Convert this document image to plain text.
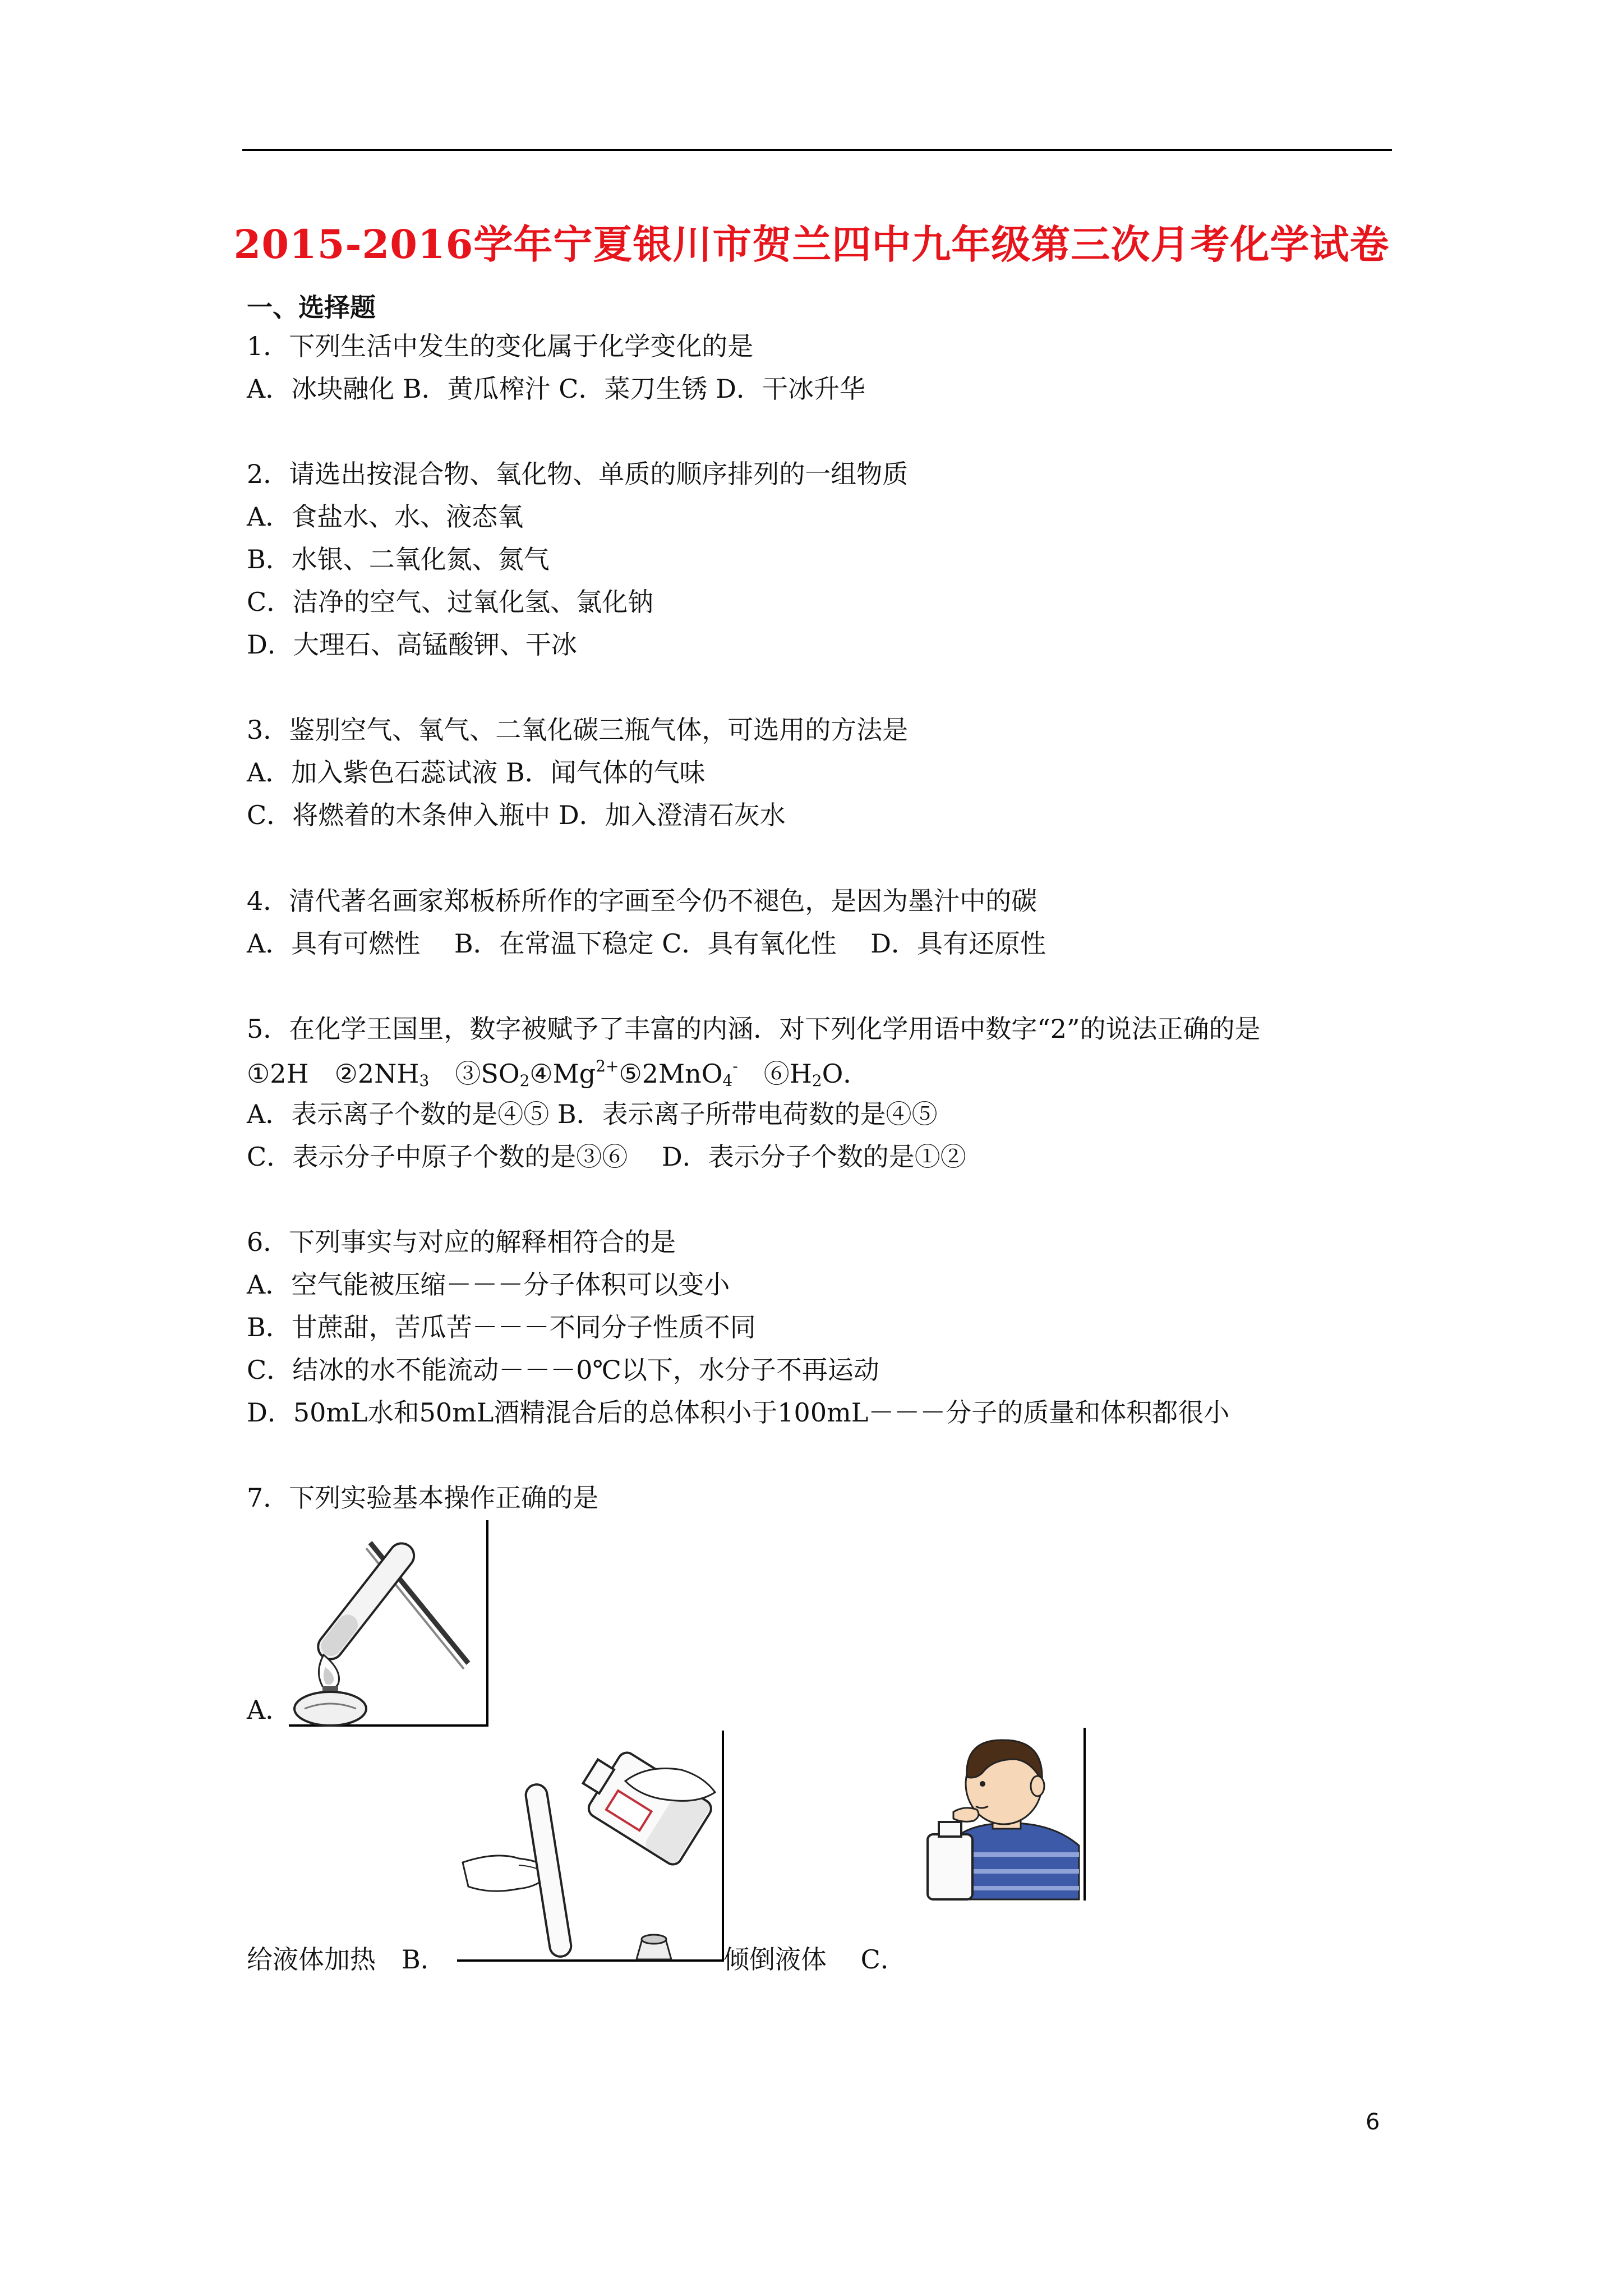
2015-2016学年宁夏银川市贺兰四中九年级第三次月考化学试卷
一、选择题
1．下列生活中发生的变化属于化学变化的是
A．冰块融化 B．黄瓜榨汁 C．菜刀生锈 D．干冰升华
2．请选出按混合物、氧化物、单质的顺序排列的一组物质
A．食盐水、水、液态氧
B．水银、二氧化氮、氮气
C．洁净的空气、过氧化氢、氯化钠
D．大理石、高锰酸钾、干冰
3．鉴别空气、氧气、二氧化碳三瓶气体，可选用的方法是
A．加入紫色石蕊试液 B．闻气体的气味
C．将燃着的木条伸入瓶中 D．加入澄清石灰水
4．清代著名画家郑板桥所作的字画至今仍不褪色，是因为墨汁中的碳
A．具有可燃性　 B．在常温下稳定 C．具有氧化性　 D．具有还原性
5．在化学王国里，数字被赋予了丰富的内涵．对下列化学用语中数字“2”的说法正确的是
①2H　$②2NH_3$　$③SO_2④Mg^{2+}⑤2MnO_4^-$　$⑥H_2O$．
A．表示离子个数的是④⑤ B．表示离子所带电荷数的是④⑤
C．表示分子中原子个数的是③⑥　 D．表示分子个数的是①②
6．下列事实与对应的解释相符合的是
A．空气能被压缩－－－分子体积可以变小
B．甘蔗甜，苦瓜苦－－－不同分子性质不同
C．结冰的水不能流动－－－0℃以下，水分子不再运动
D．50mL水和50mL酒精混合后的总体积小于100mL－－－分子的质量和体积都很小
7．下列实验基本操作正确的是
A．
给液体加热　B．	倾倒液体　 C．
6
